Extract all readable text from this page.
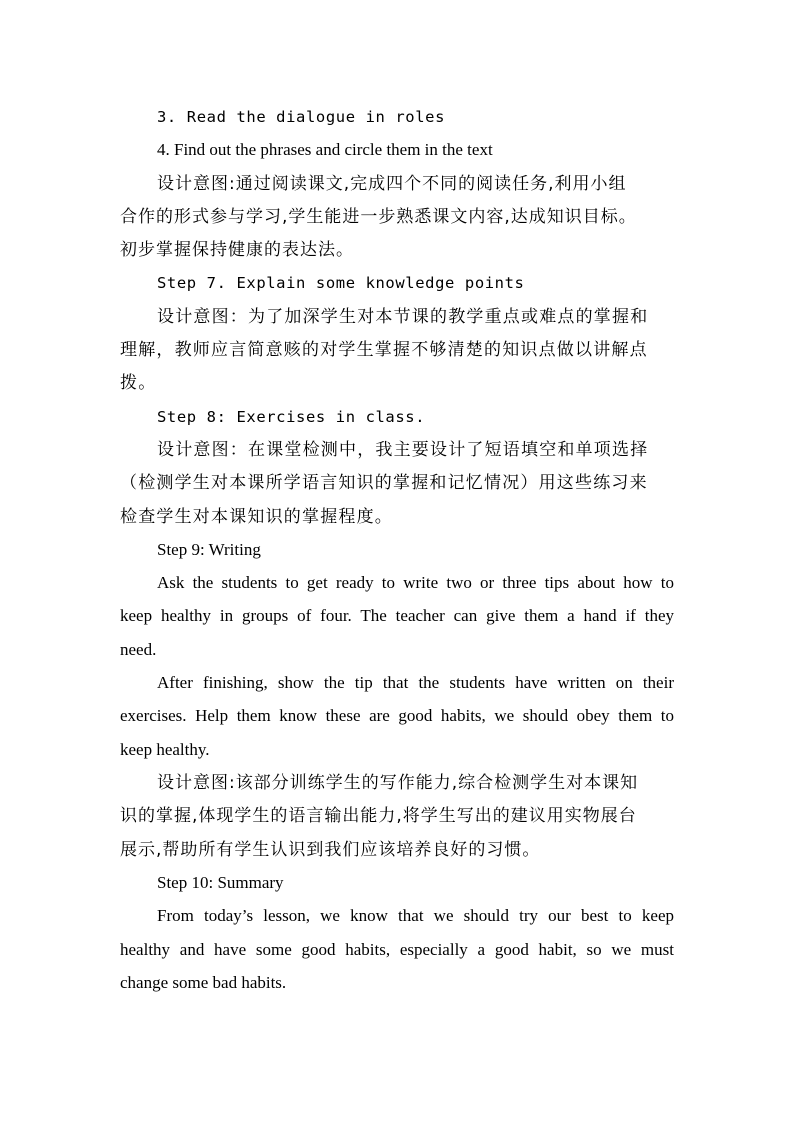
3. Read the dialogue in roles
4. Find out the phrases and circle them in the text
设计意图:通过阅读课文,完成四个不同的阅读任务,利用小组
合作的形式参与学习,学生能进一步熟悉课文内容,达成知识目标。
初步掌握保持健康的表达法。
Step 7. Explain some knowledge points
设计意图：为了加深学生对本节课的教学重点或难点的掌握和
理解，教师应言简意赅的对学生掌握不够清楚的知识点做以讲解点
拨。
Step 8: Exercises in class.
设计意图：在课堂检测中，我主要设计了短语填空和单项选择
（检测学生对本课所学语言知识的掌握和记忆情况）用这些练习来
检查学生对本课知识的掌握程度。
Step 9: Writing
Ask the students to get ready to write two or three tips about how to
keep healthy in groups of four. The teacher can give them a hand if they
need.
After finishing, show the tip that the students have written on their
exercises. Help them know these are good habits, we should obey them to
keep healthy.
设计意图:该部分训练学生的写作能力,综合检测学生对本课知
识的掌握,体现学生的语言输出能力,将学生写出的建议用实物展台
展示,帮助所有学生认识到我们应该培养良好的习惯。
Step 10: Summary
From today’s lesson, we know that we should try our best to keep
healthy and have some good habits, especially a good habit, so we must
change some bad habits.
